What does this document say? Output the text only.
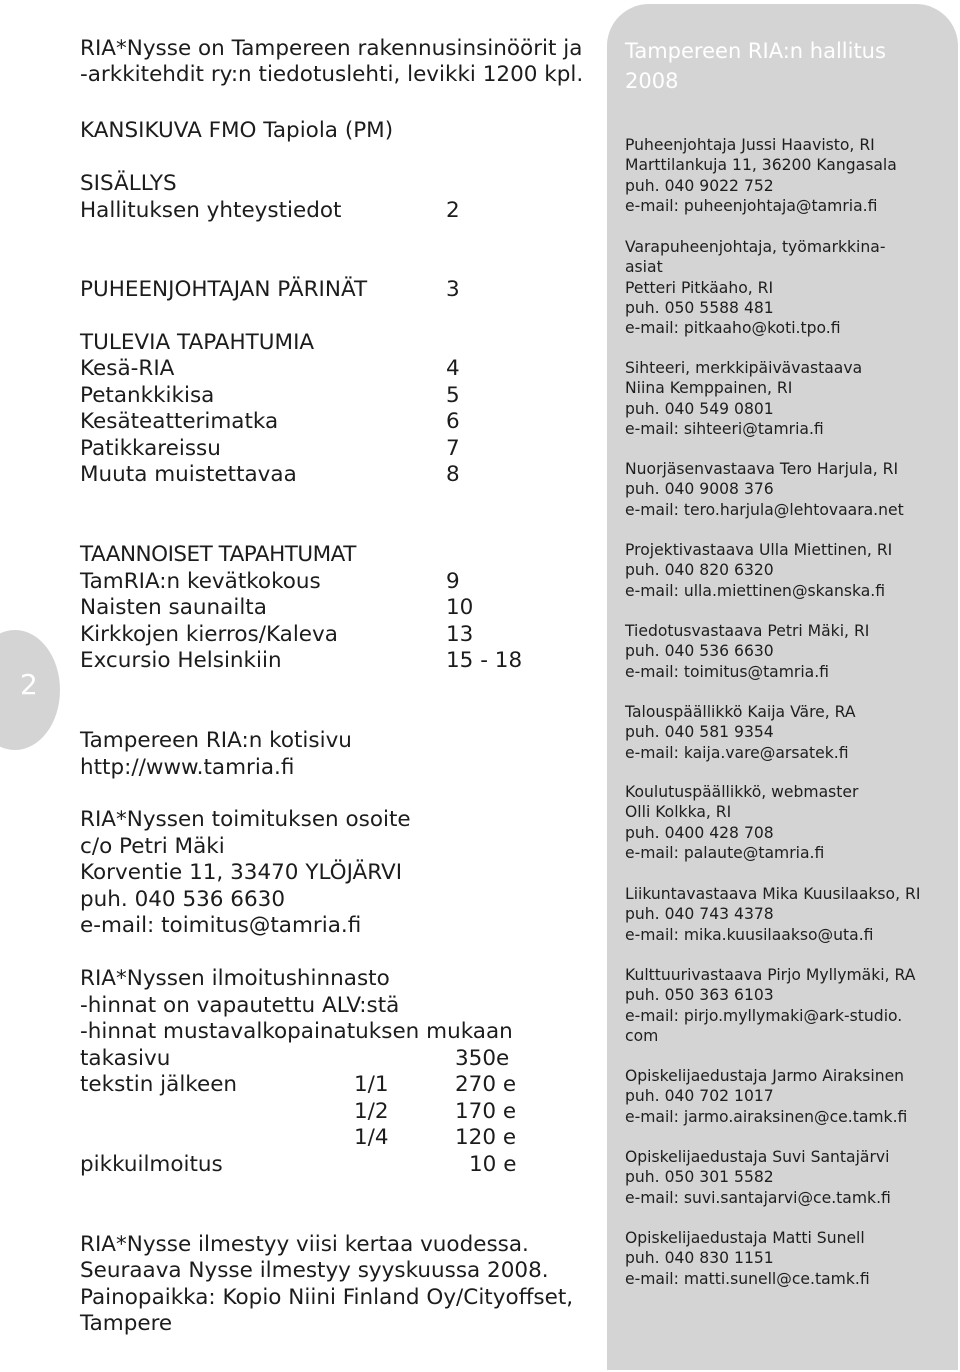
2
RIA*Nysse on Tampereen rakennusinsinöörit ja
-arkkitehdit ry:n tiedotuslehti, levikki 1200 kpl.
KANSIKUVA FMO Tapiola (PM)
SISÄLLYS
Hallituksen yhteystiedot	2
PUHEENJOHTAJAN PÄRINÄT	3
TULEVIA TAPAHTUMIA
Kesä-RIA	4
Petankkikisa	5
Kesäteatterimatka	6
Patikkareissu	7
Muuta muistettavaa	8
TAANNOISET TAPAHTUMAT
TamRIA:n kevätkokous	9
Naisten saunailta	10
Kirkkojen kierros/Kaleva	13
Excursio Helsinkiin	15 - 18
Tampereen RIA:n kotisivu
http://www.tamria.fi
RIA*Nyssen toimituksen osoite
c/o Petri Mäki
Korventie 11, 33470 YLÖJÄRVI
puh. 040 536 6630
e-mail: toimitus@tamria.fi
RIA*Nyssen ilmoitushinnasto
-hinnat on vapautettu ALV:stä
-hinnat mustavalkopainatuksen mukaan
takasivu	350e
tekstin jälkeen	1/1	270 e
1/2	170 e
1/4	120 e
pikkuilmoitus	10 e
RIA*Nysse ilmestyy viisi kertaa vuodessa.
Seuraava Nysse ilmestyy syyskuussa 2008.
Painopaikka: Kopio Niini Finland Oy/Cityoffset,
Tampere
Tampereen RIA:n hallitus
2008
Puheenjohtaja Jussi Haavisto, RI
Marttilankuja 11, 36200 Kangasala
puh. 040 9022 752
e-mail: puheenjohtaja@tamria.fi
Varapuheenjohtaja, työmarkkina-
asiat
Petteri Pitkäaho, RI
puh. 050 5588 481
e-mail: pitkaaho@koti.tpo.fi
Sihteeri, merkkipäivävastaava
Niina Kemppainen, RI
puh. 040 549 0801
e-mail: sihteeri@tamria.fi
Nuorjäsenvastaava Tero Harjula, RI
puh. 040 9008 376
e-mail: tero.harjula@lehtovaara.net
Projektivastaava Ulla Miettinen, RI
puh. 040 820 6320
e-mail: ulla.miettinen@skanska.fi
Tiedotusvastaava Petri Mäki, RI
puh. 040 536 6630
e-mail: toimitus@tamria.fi
Talouspäällikkö Kaija Väre, RA
puh. 040 581 9354
e-mail: kaija.vare@arsatek.fi
Koulutuspäällikkö, webmaster
Olli Kolkka, RI
puh. 0400 428 708
e-mail: palaute@tamria.fi
Liikuntavastaava Mika Kuusilaakso, RI
puh. 040 743 4378
e-mail: mika.kuusilaakso@uta.fi
Kulttuurivastaava Pirjo Myllymäki, RA
puh. 050 363 6103
e-mail: pirjo.myllymaki@ark-studio.
com
Opiskelijaedustaja Jarmo Airaksinen
puh. 040 702 1017
e-mail: jarmo.airaksinen@ce.tamk.fi
Opiskelijaedustaja Suvi Santajärvi
puh. 050 301 5582
e-mail: suvi.santajarvi@ce.tamk.fi
Opiskelijaedustaja Matti Sunell
puh. 040 830 1151
e-mail: matti.sunell@ce.tamk.fi
